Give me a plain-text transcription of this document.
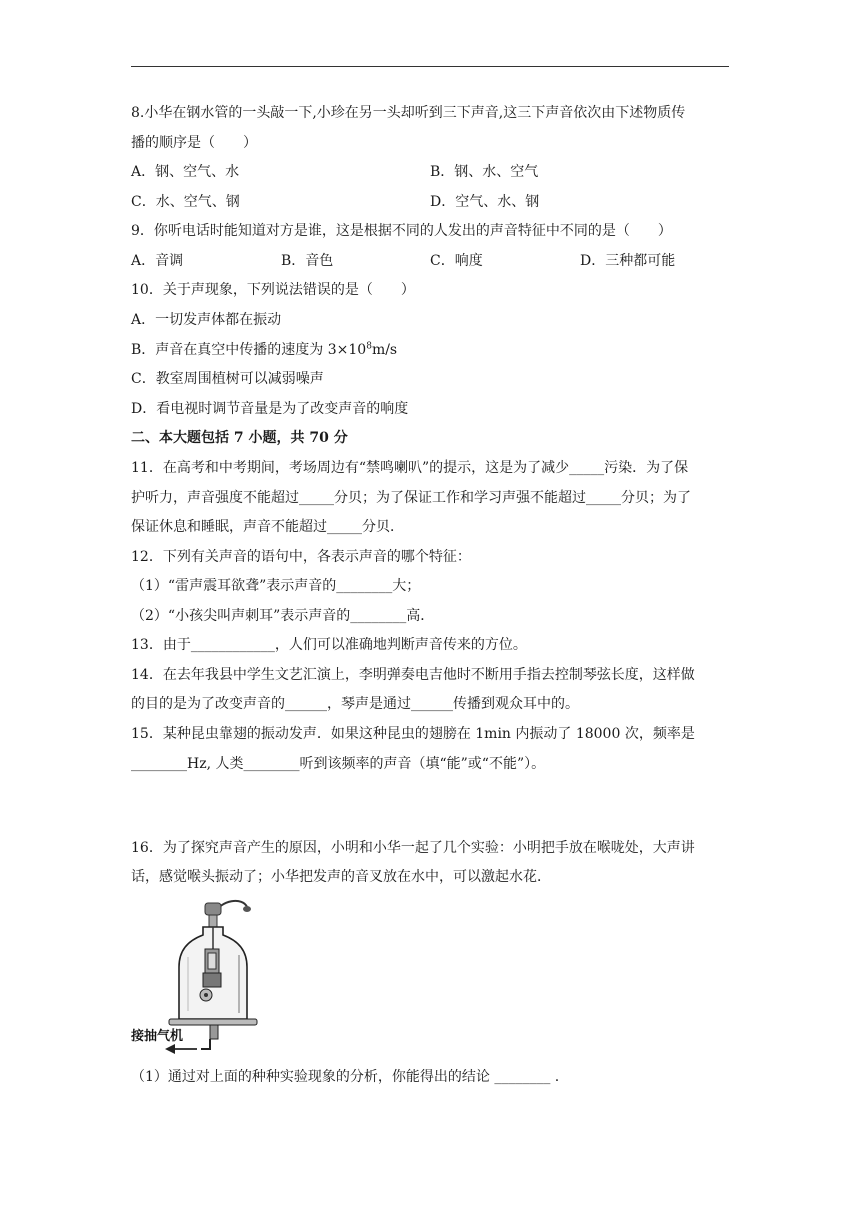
8.小华在钢水管的一头敲一下,小珍在另一头却听到三下声音,这三下声音依次由下述物质传
播的顺序是（　　）
A．钢、空气、水	B．钢、水、空气
C．水、空气、钢	D．空气、水、钢
9．你听电话时能知道对方是谁，这是根据不同的人发出的声音特征中不同的是（　　）
A．音调	B．音色	C．响度	D．三种都可能
10．关于声现象，下列说法错误的是（　　）
A．一切发声体都在振动
B．声音在真空中传播的速度为 $3\times 10^8m/s$
C．教室周围植树可以减弱噪声
D．看电视时调节音量是为了改变声音的响度
二、本大题包括 7 小题，共 70 分
11．在高考和中考期间，考场周边有“禁鸣喇叭”的提示，这是为了减少_____污染．为了保
护听力，声音强度不能超过_____分贝；为了保证工作和学习声强不能超过_____分贝；为了
保证休息和睡眠，声音不能超过_____分贝．
12．下列有关声音的语句中，各表示声音的哪个特征：
（1）“雷声震耳欲聋”表示声音的________大；
（2）“小孩尖叫声刺耳”表示声音的________高．
13．由于____________，人们可以准确地判断声音传来的方位。
14．在去年我县中学生文艺汇演上，李明弹奏电吉他时不断用手指去控制琴弦长度，这样做
的目的是为了改变声音的______，琴声是通过______传播到观众耳中的。
15．某种昆虫靠翅的振动发声．如果这种昆虫的翅膀在 1min 内振动了 18000 次，频率是
________Hz, 人类________听到该频率的声音（填“能”或“不能”）。
16．为了探究声音产生的原因，小明和小华一起了几个实验：小明把手放在喉咙处，大声讲
话，感觉喉头振动了；小华把发声的音叉放在水中，可以激起水花．
接抽气机
（1）通过对上面的种种实验现象的分析，你能得出的结论 ________ .
